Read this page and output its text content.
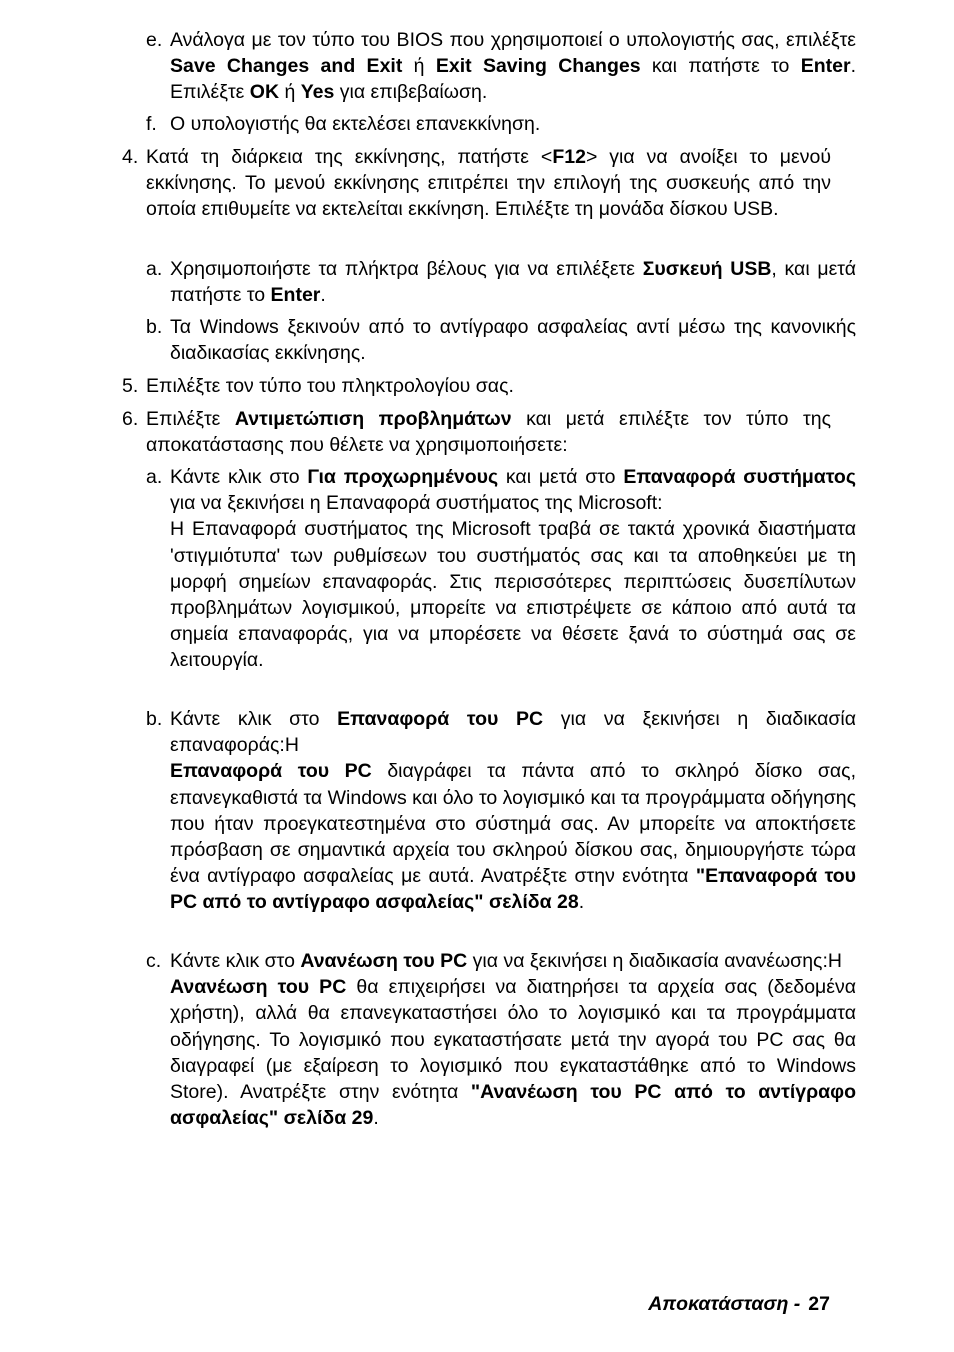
e. Ανάλογα με τον τύπο του BIOS που χρησιμοποιεί ο υπολογιστής σας, επιλέξτε Save Changes and Exit ή Exit Saving Changes και πατήστε το Enter. Επιλέξτε OK ή Yes για επιβεβαίωση.
f. Ο υπολογιστής θα εκτελέσει επανεκκίνηση.
4. Κατά τη διάρκεια της εκκίνησης, πατήστε <F12> για να ανοίξει το μενού εκκίνησης. Το μενού εκκίνησης επιτρέπει την επιλογή της συσκευής από την οποία επιθυμείτε να εκτελείται εκκίνηση. Επιλέξτε τη μονάδα δίσκου USB.
a. Χρησιμοποιήστε τα πλήκτρα βέλους για να επιλέξετε Συσκευή USB, και μετά πατήστε το Enter.
b. Τα Windows ξεκινούν από το αντίγραφο ασφαλείας αντί μέσω της κανονικής διαδικασίας εκκίνησης.
5. Επιλέξτε τον τύπο του πληκτρολογίου σας.
6. Επιλέξτε Αντιμετώπιση προβλημάτων και μετά επιλέξτε τον τύπο της αποκατάστασης που θέλετε να χρησιμοποιήσετε:
a. Κάντε κλικ στο Για προχωρημένους και μετά στο Επαναφορά συστήματος για να ξεκινήσει η Επαναφορά συστήματος της Microsoft:
Η Επαναφορά συστήματος της Microsoft τραβά σε τακτά χρονικά διαστήματα 'στιγμιότυπα' των ρυθμίσεων του συστήματός σας και τα αποθηκεύει με τη μορφή σημείων επαναφοράς. Στις περισσότερες περιπτώσεις δυσεπίλυτων προβλημάτων λογισμικού, μπορείτε να επιστρέψετε σε κάποιο από αυτά τα σημεία επαναφοράς, για να μπορέσετε να θέσετε ξανά το σύστημά σας σε λειτουργία.
b. Κάντε κλικ στο Επαναφορά του PC για να ξεκινήσει η διαδικασία επαναφοράς:Η
Επαναφορά του PC διαγράφει τα πάντα από το σκληρό δίσκο σας, επανεγκαθιστά τα Windows και όλο το λογισμικό και τα προγράμματα οδήγησης που ήταν προεγκατεστημένα στο σύστημά σας. Αν μπορείτε να αποκτήσετε πρόσβαση σε σημαντικά αρχεία του σκληρού δίσκου σας, δημιουργήστε τώρα ένα αντίγραφο ασφαλείας με αυτά. Ανατρέξτε στην ενότητα "Επαναφορά του PC από το αντίγραφο ασφαλείας" σελίδα 28.
c. Κάντε κλικ στο Ανανέωση του PC για να ξεκινήσει η διαδικασία ανανέωσης:Η
Ανανέωση του PC θα επιχειρήσει να διατηρήσει τα αρχεία σας (δεδομένα χρήστη), αλλά θα επανεγκαταστήσει όλο το λογισμικό και τα προγράμματα οδήγησης. Το λογισμικό που εγκαταστήσατε μετά την αγορά του PC σας θα διαγραφεί (με εξαίρεση το λογισμικό που εγκαταστάθηκε από το Windows Store). Ανατρέξτε στην ενότητα "Ανανέωση του PC από το αντίγραφο ασφαλείας" σελίδα 29.
Αποκατάσταση - 27
